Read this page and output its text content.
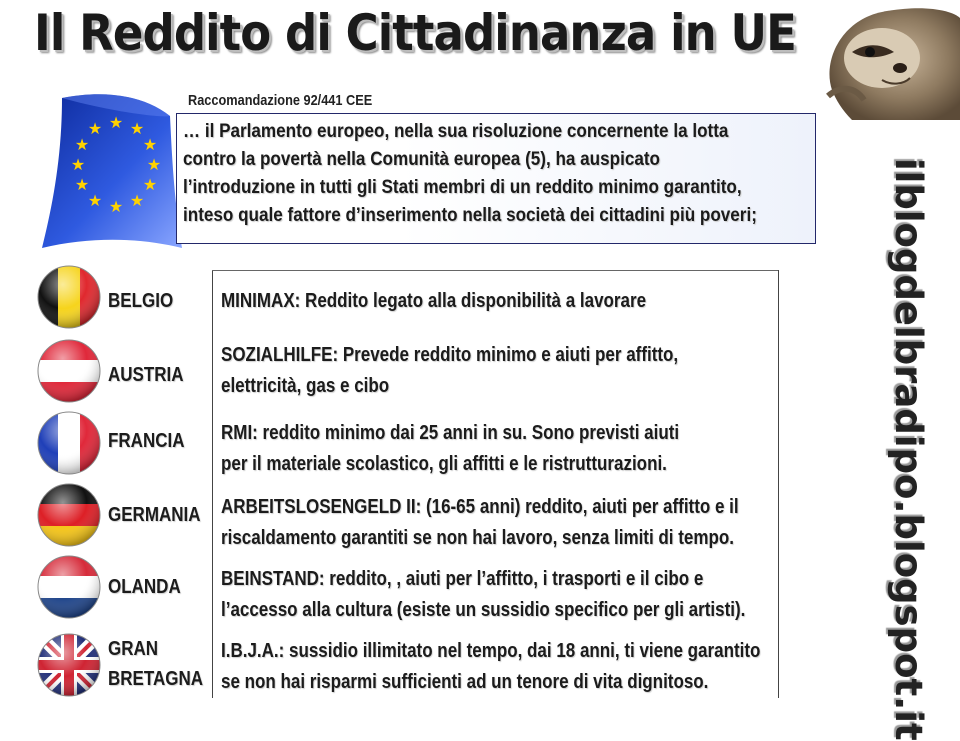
Il Reddito di Cittadinanza in UE
ilblogdelbradipo.blogspot.it
★ ★
★
★
★
★
★
★
★
★
★
★
Raccomandazione 92/441 CEE
… il Parlamento europeo, nella sua risoluzione concernente la lotta
contro la povertà nella Comunità europea (5), ha auspicato
l’introduzione in tutti gli Stati membri di un reddito minimo garantito,
inteso quale fattore d’inserimento nella società dei cittadini più poveri;
BELGIO MINIMAX: Reddito legato alla disponibilità a lavorare
AUSTRIA
SOZIALHILFE: Prevede reddito minimo e aiuti per affitto,
elettricità, gas e cibo
FRANCIA RMI: reddito minimo dai 25 anni in su. Sono previsti aiuti
per il materiale scolastico, gli affitti e le ristrutturazioni.
GERMANIA ARBEITSLOSENGELD II: (16-65 anni) reddito, aiuti per affitto e il
riscaldamento garantiti se non hai lavoro, senza limiti di tempo.
OLANDA BEINSTAND: reddito, , aiuti per l’affitto, i trasporti e il cibo e
l’accesso alla cultura (esiste un sussidio specifico per gli artisti).
GRAN
BRETAGNA
I.B.J.A.: sussidio illimitato nel tempo, dai 18 anni, ti viene garantito
se non hai risparmi sufficienti ad un tenore di vita dignitoso.
